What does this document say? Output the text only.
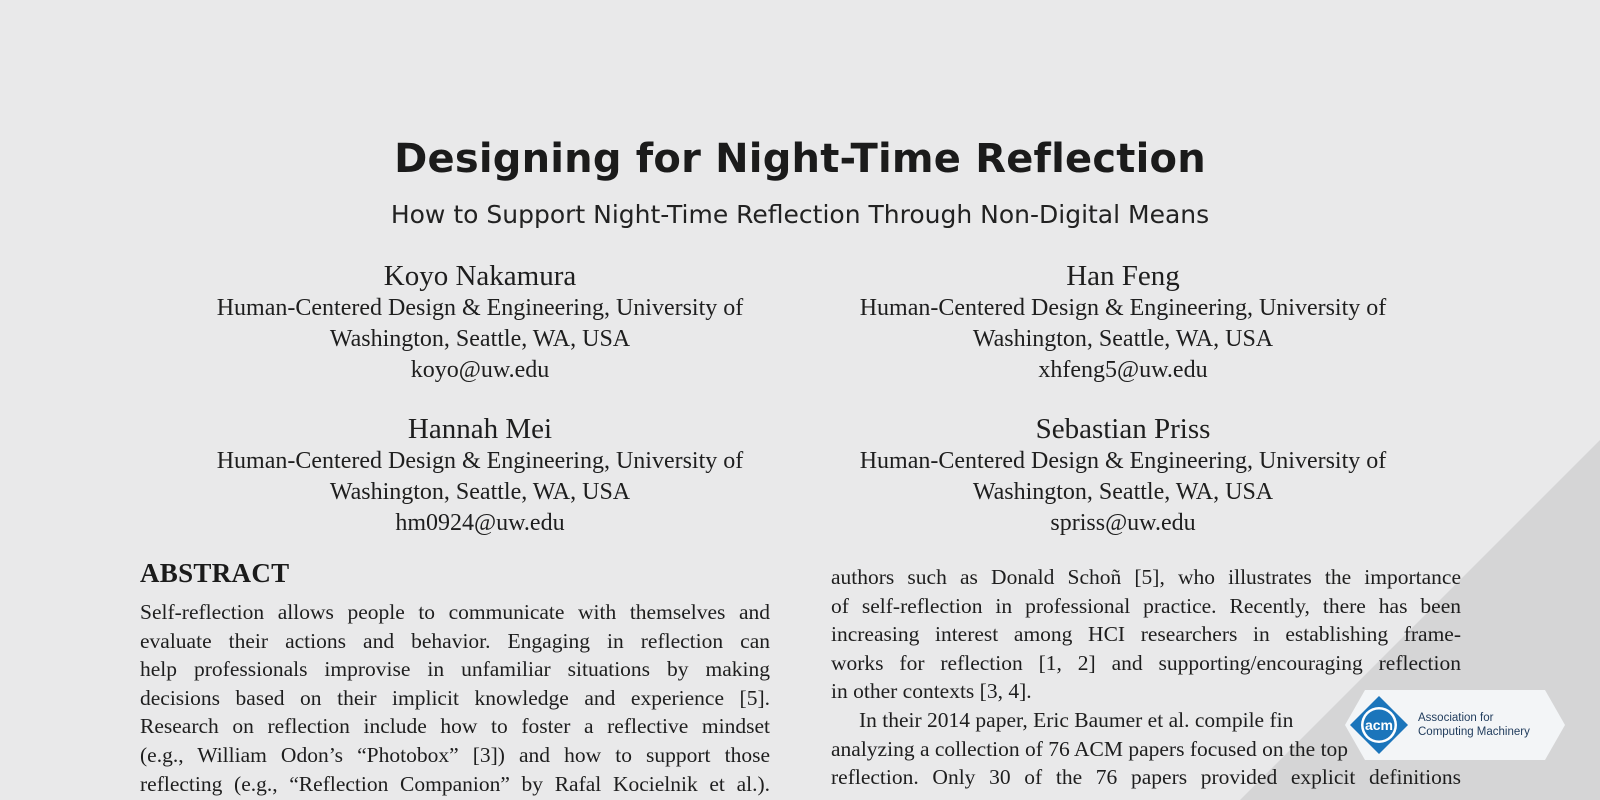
Designing for Night-Time Reflection
How to Support Night-Time Reflection Through Non-Digital Means
Koyo Nakamura
Human-Centered Design & Engineering, University of
Washington, Seattle, WA, USA
koyo@uw.edu
Han Feng
Human-Centered Design & Engineering, University of
Washington, Seattle, WA, USA
xhfeng5@uw.edu
Hannah Mei
Human-Centered Design & Engineering, University of
Washington, Seattle, WA, USA
hm0924@uw.edu
Sebastian Priss
Human-Centered Design & Engineering, University of
Washington, Seattle, WA, USA
spriss@uw.edu
ABSTRACT
Self-reflection allows people to communicate with themselves and
evaluate their actions and behavior. Engaging in reflection can
help professionals improvise in unfamiliar situations by making
decisions based on their implicit knowledge and experience [5].
Research on reflection include how to foster a reflective mindset
(e.g., William Odon’s “Photobox” [3]) and how to support those
reflecting (e.g., “Reflection Companion” by Rafal Kocielnik et al.).
authors such as Donald Schoñ [5], who illustrates the importance
of self-reflection in professional practice. Recently, there has been
increasing interest among HCI researchers in establishing frame-
works for reflection [1, 2] and supporting/encouraging reflection
in other contexts [3, 4].
In their 2014 paper, Eric Baumer et al. compile fin
analyzing a collection of 76 ACM papers focused on the top
reflection. Only 30 of the 76 papers provided explicit definitions
acm Association for
Computing Machinery
